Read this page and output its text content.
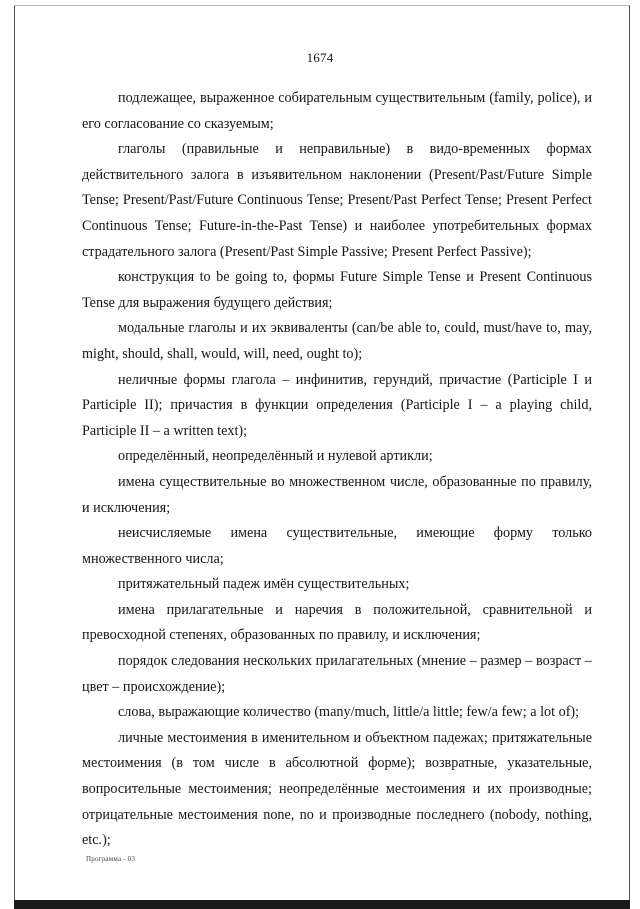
1674

подлежащее, выраженное собирательным существительным (family, police), и его согласование со сказуемым;

глаголы (правильные и неправильные) в видо-временных формах действительного залога в изъявительном наклонении (Present/Past/Future Simple Tense; Present/Past/Future Continuous Tense; Present/Past Perfect Tense; Present Perfect Continuous Tense; Future-in-the-Past Tense) и наиболее употребительных формах страдательного залога (Present/Past Simple Passive; Present Perfect Passive);

конструкция to be going to, формы Future Simple Tense и Present Continuous Tense для выражения будущего действия;

модальные глаголы и их эквиваленты (can/be able to, could, must/have to, may, might, should, shall, would, will, need, ought to);

неличные формы глагола – инфинитив, герундий, причастие (Participle I и Participle II); причастия в функции определения (Participle I – a playing child, Participle II – a written text);

определённый, неопределённый и нулевой артикли;

имена существительные во множественном числе, образованные по правилу, и исключения;

неисчисляемые имена существительные, имеющие форму только множественного числа;

притяжательный падеж имён существительных;

имена прилагательные и наречия в положительной, сравнительной и превосходной степенях, образованных по правилу, и исключения;

порядок следования нескольких прилагательных (мнение – размер – возраст – цвет – происхождение);

слова, выражающие количество (many/much, little/a little; few/a few; a lot of);

личные местоимения в именительном и объектном падежах; притяжательные местоимения (в том числе в абсолютной форме); возвратные, указательные, вопросительные местоимения; неопределённые местоимения и их производные; отрицательные местоимения none, no и производные последнего (nobody, nothing, etc.);

Программа - 03
